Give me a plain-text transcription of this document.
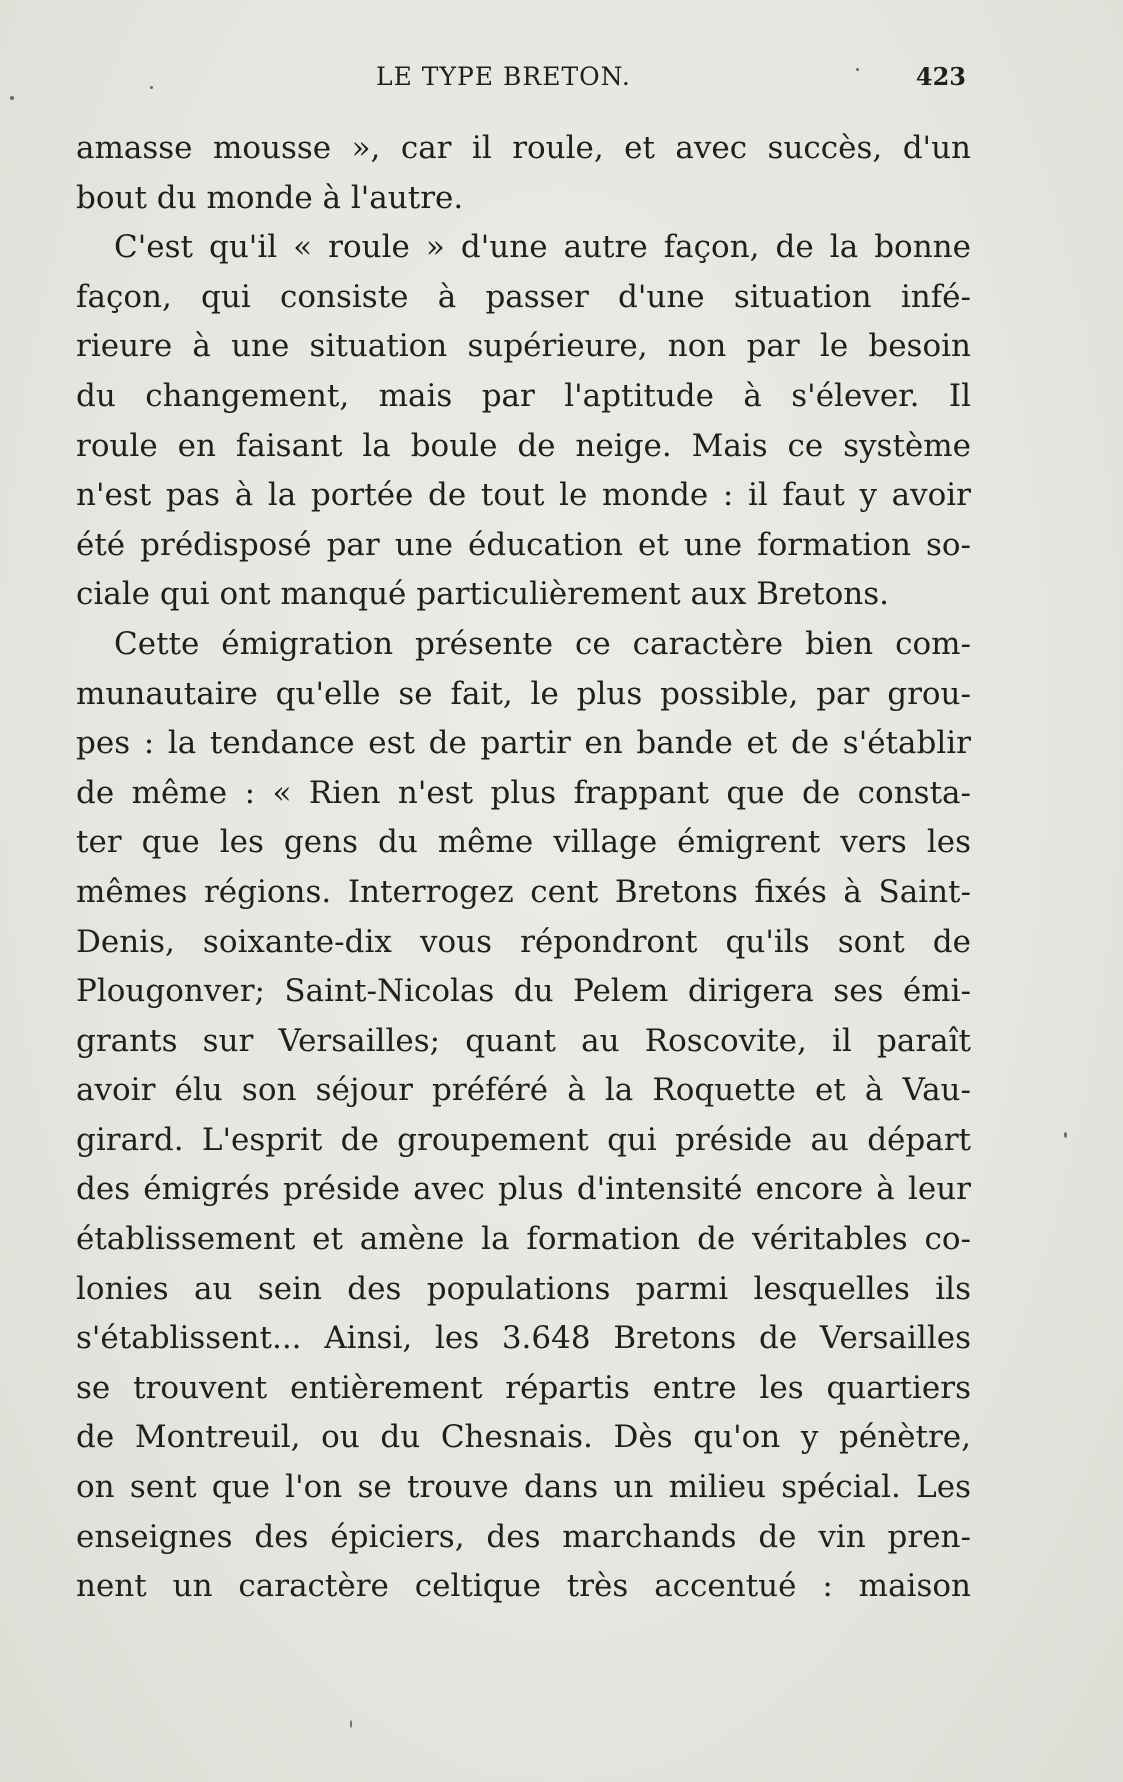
LE TYPE BRETON.	423
amasse mousse », car il roule, et avec succès, d'un
bout du monde à l'autre.
C'est qu'il « roule » d'une autre façon, de la bonne
façon, qui consiste à passer d'une situation infé-
rieure à une situation supérieure, non par le besoin
du changement, mais par l'aptitude à s'élever. Il
roule en faisant la boule de neige. Mais ce système
n'est pas à la portée de tout le monde : il faut y avoir
été prédisposé par une éducation et une formation so-
ciale qui ont manqué particulièrement aux Bretons.
Cette émigration présente ce caractère bien com-
munautaire qu'elle se fait, le plus possible, par grou-
pes : la tendance est de partir en bande et de s'établir
de même : « Rien n'est plus frappant que de consta-
ter que les gens du même village émigrent vers les
mêmes régions. Interrogez cent Bretons fixés à Saint-
Denis, soixante-dix vous répondront qu'ils sont de
Plougonver; Saint-Nicolas du Pelem dirigera ses émi-
grants sur Versailles; quant au Roscovite, il paraît
avoir élu son séjour préféré à la Roquette et à Vau-
girard. L'esprit de groupement qui préside au départ
des émigrés préside avec plus d'intensité encore à leur
établissement et amène la formation de véritables co-
lonies au sein des populations parmi lesquelles ils
s'établissent... Ainsi, les 3.648 Bretons de Versailles
se trouvent entièrement répartis entre les quartiers
de Montreuil, ou du Chesnais. Dès qu'on y pénètre,
on sent que l'on se trouve dans un milieu spécial. Les
enseignes des épiciers, des marchands de vin pren-
nent un caractère celtique très accentué : maison
